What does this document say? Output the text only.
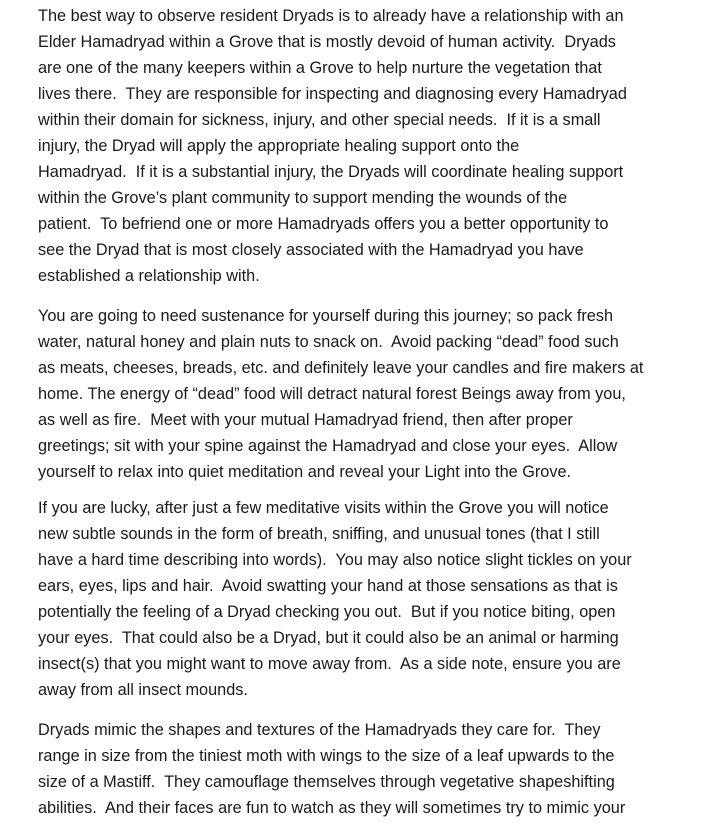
The best way to observe resident Dryads is to already have a relationship with an
Elder Hamadryad within a Grove that is mostly devoid of human activity.  Dryads
are one of the many keepers within a Grove to help nurture the vegetation that
lives there.  They are responsible for inspecting and diagnosing every Hamadryad
within their domain for sickness, injury, and other special needs.  If it is a small
injury, the Dryad will apply the appropriate healing support onto the
Hamadryad.  If it is a substantial injury, the Dryads will coordinate healing support
within the Grove’s plant community to support mending the wounds of the
patient.  To befriend one or more Hamadryads offers you a better opportunity to
see the Dryad that is most closely associated with the Hamadryad you have
established a relationship with.
You are going to need sustenance for yourself during this journey; so pack fresh
water, natural honey and plain nuts to snack on.  Avoid packing “dead” food such
as meats, cheeses, breads, etc. and definitely leave your candles and fire makers at
home. The energy of “dead” food will detract natural forest Beings away from you,
as well as fire.  Meet with your mutual Hamadryad friend, then after proper
greetings; sit with your spine against the Hamadryad and close your eyes.  Allow
yourself to relax into quiet meditation and reveal your Light into the Grove.
If you are lucky, after just a few meditative visits within the Grove you will notice
new subtle sounds in the form of breath, sniffing, and unusual tones (that I still
have a hard time describing into words).  You may also notice slight tickles on your
ears, eyes, lips and hair.  Avoid swatting your hand at those sensations as that is
potentially the feeling of a Dryad checking you out.  But if you notice biting, open
your eyes.  That could also be a Dryad, but it could also be an animal or harming
insect(s) that you might want to move away from.  As a side note, ensure you are
away from all insect mounds.
Dryads mimic the shapes and textures of the Hamadryads they care for.  They
range in size from the tiniest moth with wings to the size of a leaf upwards to the
size of a Mastiff.  They camouflage themselves through vegetative shapeshifting
abilities.  And their faces are fun to watch as they will sometimes try to mimic your
